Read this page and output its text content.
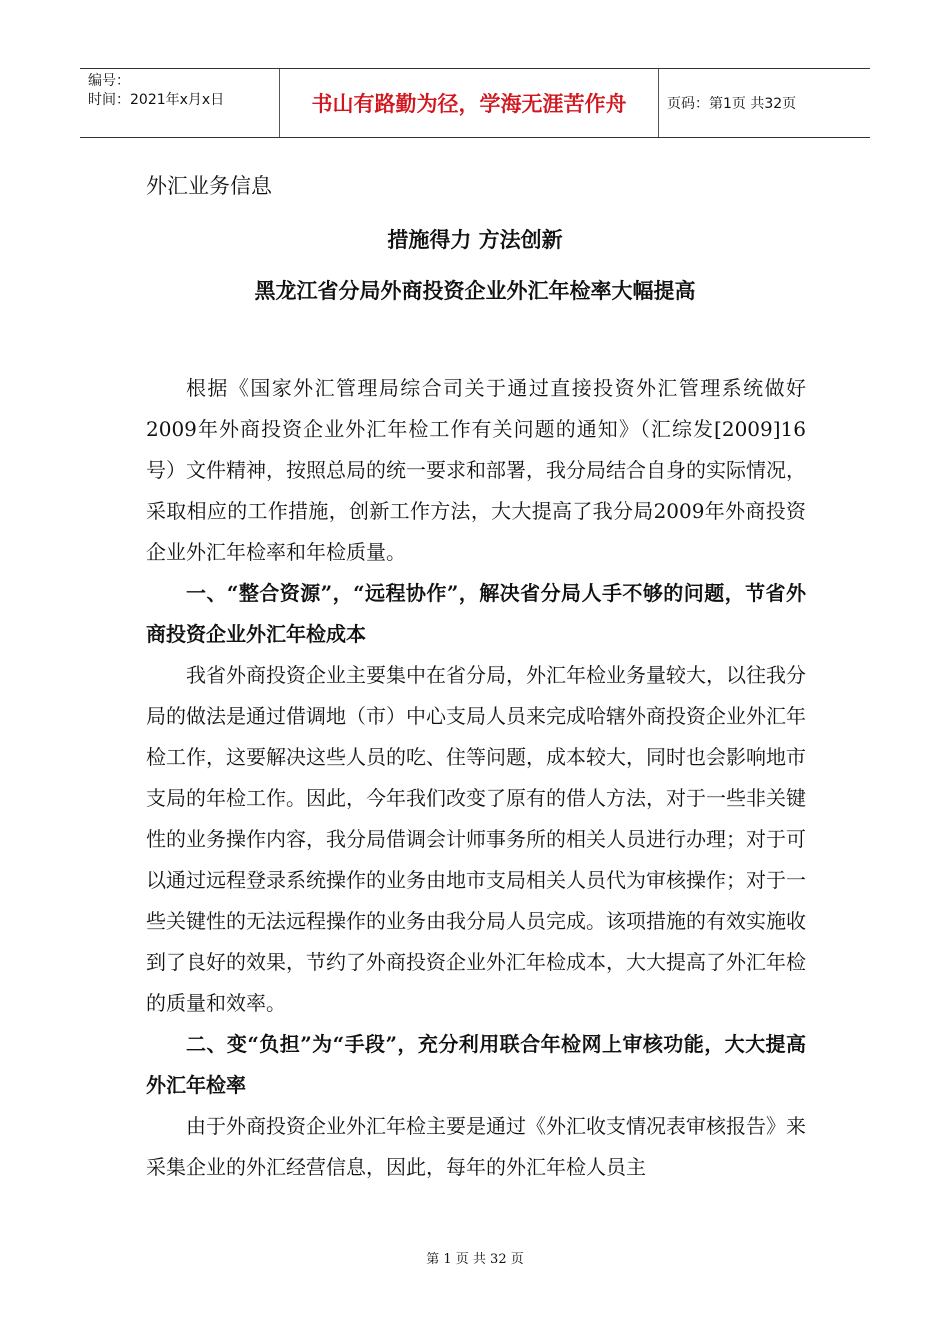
编号：
时间：2021年x月x日	书山有路勤为径，学海无涯苦作舟	页码：第1页 共32页
外汇业务信息
措施得力 方法创新
黑龙江省分局外商投资企业外汇年检率大幅提高

根据《国家外汇管理局综合司关于通过直接投资外汇管理系统做好2009年外商投资企业外汇年检工作有关问题的通知》（汇综发[2009]16号）文件精神，按照总局的统一要求和部署，我分局结合自身的实际情况，采取相应的工作措施，创新工作方法，大大提高了我分局2009年外商投资企业外汇年检率和年检质量。

一、“整合资源”，“远程协作”，解决省分局人手不够的问题，节省外商投资企业外汇年检成本

我省外商投资企业主要集中在省分局，外汇年检业务量较大，以往我分局的做法是通过借调地（市）中心支局人员来完成哈辖外商投资企业外汇年检工作，这要解决这些人员的吃、住等问题，成本较大，同时也会影响地市支局的年检工作。因此，今年我们改变了原有的借人方法，对于一些非关键性的业务操作内容，我分局借调会计师事务所的相关人员进行办理；对于可以通过远程登录系统操作的业务由地市支局相关人员代为审核操作；对于一些关键性的无法远程操作的业务由我分局人员完成。该项措施的有效实施收到了良好的效果，节约了外商投资企业外汇年检成本，大大提高了外汇年检的质量和效率。

二、变“负担”为“手段”，充分利用联合年检网上审核功能，大大提高外汇年检率

由于外商投资企业外汇年检主要是通过《外汇收支情况表审核报告》来采集企业的外汇经营信息，因此，每年的外汇年检人员主

第 1 页 共 32 页
